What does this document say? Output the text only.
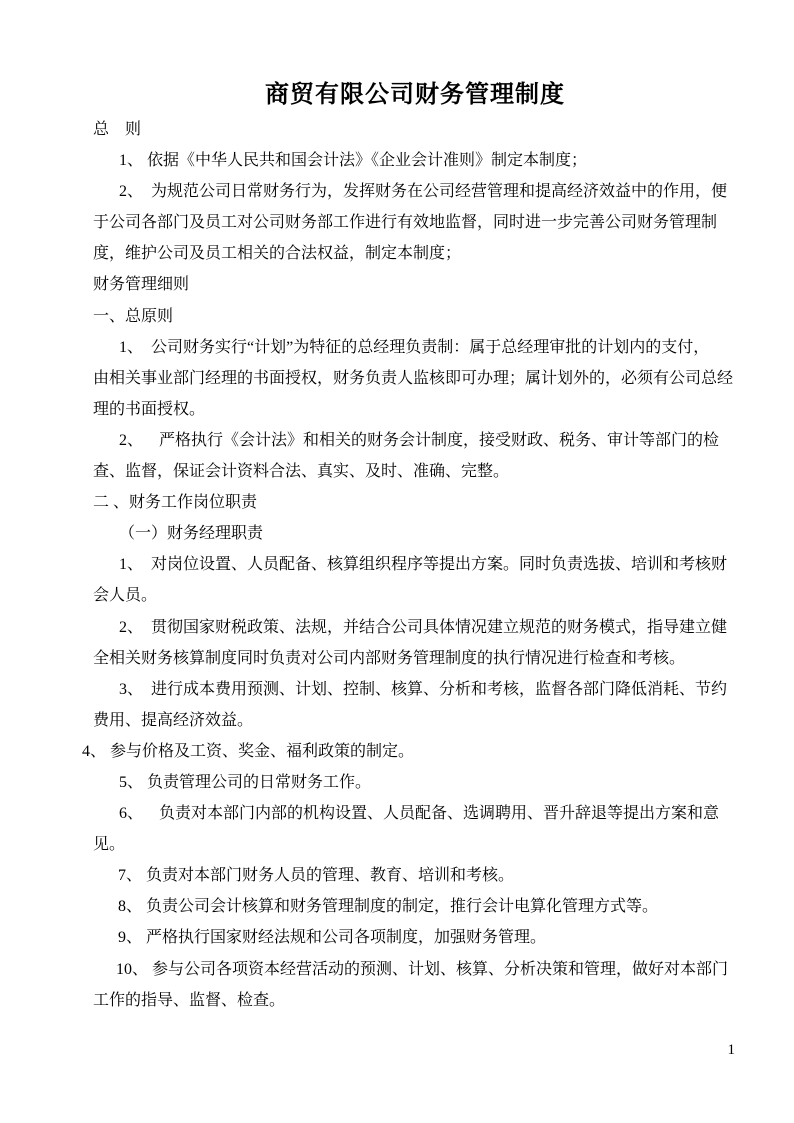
商贸有限公司财务管理制度
总　则
1、 依据《中华人民共和国会计法》《企业会计准则》制定本制度；
2、  为规范公司日常财务行为，发挥财务在公司经营管理和提高经济效益中的作用，便
于公司各部门及员工对公司财务部工作进行有效地监督，同时进一步完善公司财务管理制
度，维护公司及员工相关的合法权益，制定本制度；
财务管理细则
一、总原则
1、  公司财务实行“计划”为特征的总经理负责制：属于总经理审批的计划内的支付，
由相关事业部门经理的书面授权，财务负责人监核即可办理；属计划外的，必须有公司总经
理的书面授权。
2、    严格执行《会计法》和相关的财务会计制度，接受财政、税务、审计等部门的检
查、监督，保证会计资料合法、真实、及时、准确、完整。
二 、财务工作岗位职责
（一）财务经理职责
1、  对岗位设置、人员配备、核算组织程序等提出方案。同时负责选拔、培训和考核财
会人员。
2、  贯彻国家财税政策、法规，并结合公司具体情况建立规范的财务模式，指导建立健
全相关财务核算制度同时负责对公司内部财务管理制度的执行情况进行检查和考核。
3、  进行成本费用预测、计划、控制、核算、分析和考核，监督各部门降低消耗、节约
费用、提高经济效益。
4、 参与价格及工资、奖金、福利政策的制定。
5、 负责管理公司的日常财务工作。
6、    负责对本部门内部的机构设置、人员配备、选调聘用、晋升辞退等提出方案和意
见。
7、 负责对本部门财务人员的管理、教育、培训和考核。
8、 负责公司会计核算和财务管理制度的制定，推行会计电算化管理方式等。
9、 严格执行国家财经法规和公司各项制度，加强财务管理。
10、 参与公司各项资本经营活动的预测、计划、核算、分析决策和管理，做好对本部门
工作的指导、监督、检查。
1
